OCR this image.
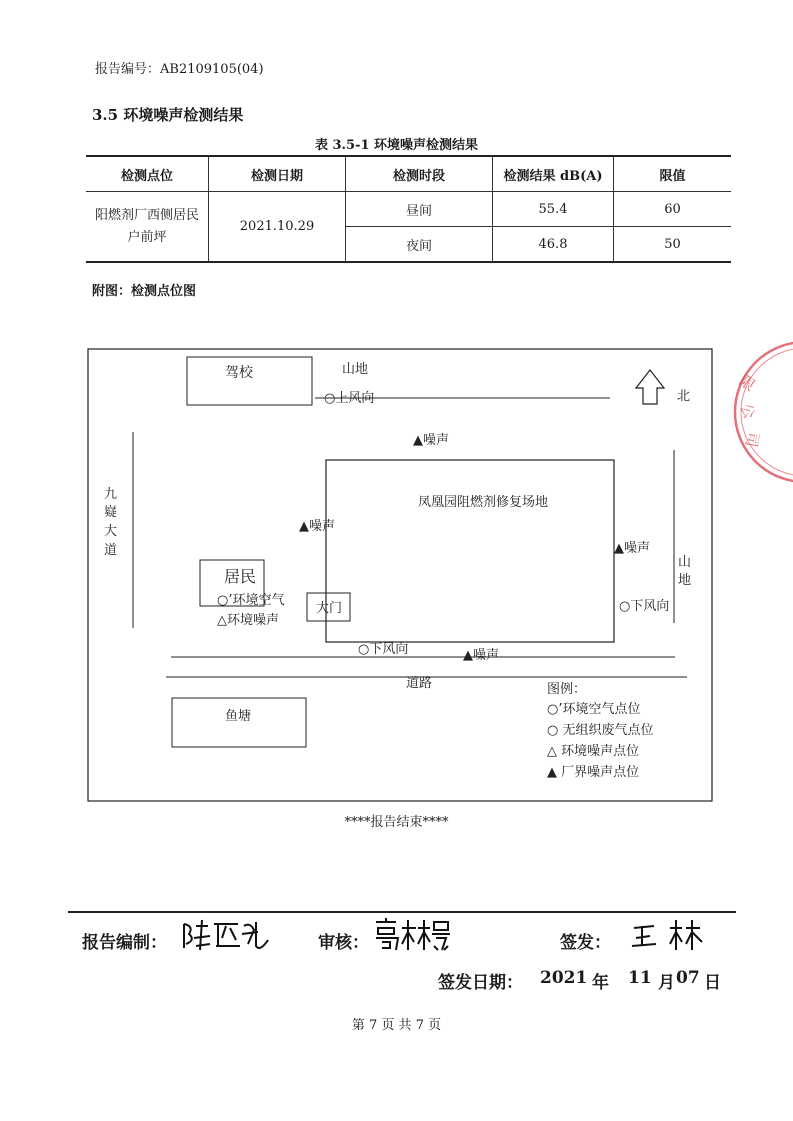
报告编号：AB2109105(04)
3.5 环境噪声检测结果
表 3.5-1 环境噪声检测结果
检测点位	检测日期	检测时段	检测结果 dB(A)	限值
阳燃剂厂西侧居民户前坪	2021.10.29	昼间	55.4	60
		夜间	46.8	50
附图：检测点位图
驾校	山地
○上风向	北
▲噪声
凤凰园阻燃剂修复场地
九
嶷
大
道
▲噪声
▲噪声
山
地
○下风向
居民
○’环境空气
△环境噪声
大门
○下风向	▲噪声
道路
鱼塘
图例：
○’环境空气点位
○ 无组织废气点位
△ 环境噪声点位
▲ 厂界噪声点位
限
公
司
****报告结束****
报告编制：	审核：	签发：
签发日期： 2021 年 11 月 07 日
第 7 页 共 7 页
